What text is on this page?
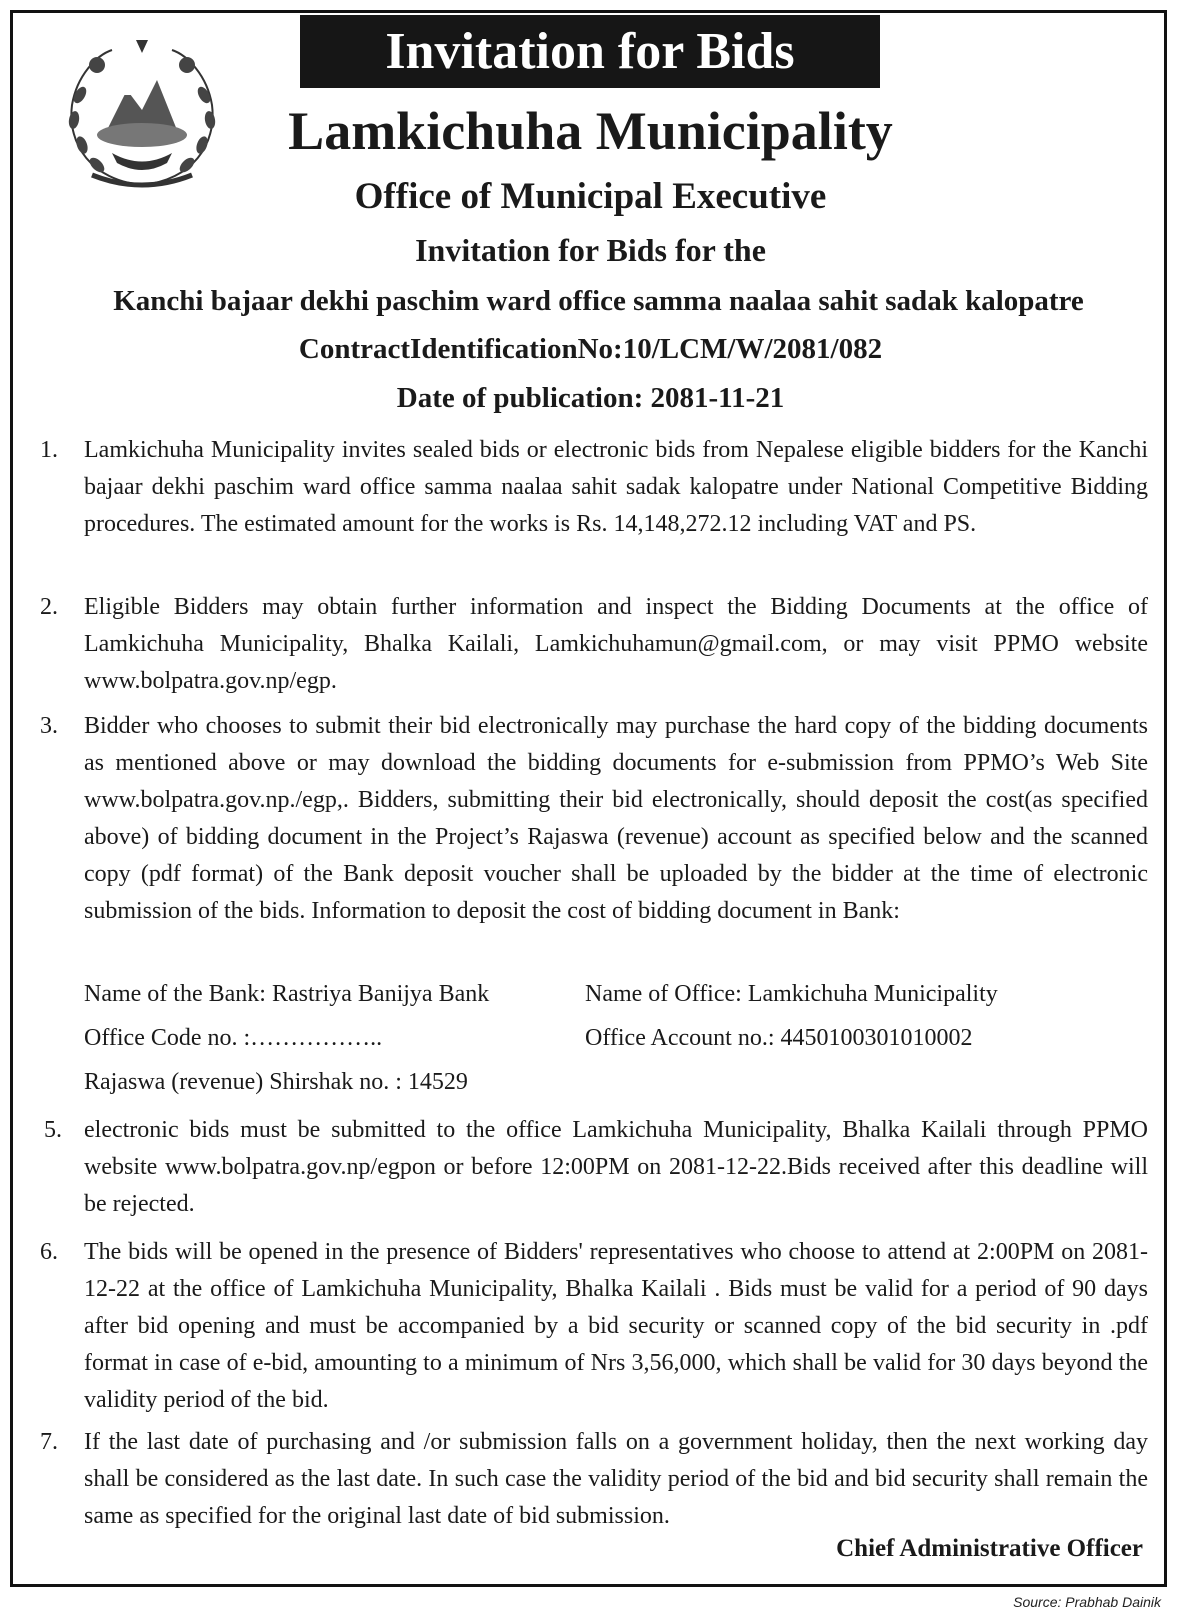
Invitation for Bids
Lamkichuha Municipality
Office of Municipal Executive
Invitation for Bids for the
Kanchi bajaar dekhi paschim ward office samma naalaa sahit sadak kalopatre
ContractIdentificationNo:10/LCM/W/2081/082
Date of publication: 2081-11-21
1. Lamkichuha Municipality invites sealed bids or electronic bids from Nepalese eligible bidders for the Kanchi bajaar dekhi paschim ward office samma naalaa sahit sadak kalopatre under National Competitive Bidding procedures. The estimated amount for the works is Rs. 14,148,272.12 including VAT and PS.
2. Eligible Bidders may obtain further information and inspect the Bidding Documents at the office of Lamkichuha Municipality, Bhalka Kailali, Lamkichuhamun@gmail.com, or may visit PPMO website www.bolpatra.gov.np/egp.
3. Bidder who chooses to submit their bid electronically may purchase the hard copy of the bidding documents as mentioned above or may download the bidding documents for e-submission from PPMO’s Web Site www.bolpatra.gov.np./egp,. Bidders, submitting their bid electronically, should deposit the cost(as specified above) of bidding document in the Project’s Rajaswa (revenue) account as specified below and the scanned copy (pdf format) of the Bank deposit voucher shall be uploaded by the bidder at the time of electronic submission of the bids. Information to deposit the cost of bidding document in Bank:
Name of the Bank: Rastriya Banijya Bank	Name of Office: Lamkichuha Municipality
Office Code no. :……………..	Office Account no.: 4450100301010002
Rajaswa (revenue) Shirshak no. : 14529
5. electronic bids must be submitted to the office Lamkichuha Municipality, Bhalka Kailali through PPMO website www.bolpatra.gov.np/egpon or before 12:00PM on 2081-12-22.Bids received after this deadline will be rejected.
6. The bids will be opened in the presence of Bidders' representatives who choose to attend at 2:00PM on 2081-12-22 at the office of Lamkichuha Municipality, Bhalka Kailali . Bids must be valid for a period of 90 days after bid opening and must be accompanied by a bid security or scanned copy of the bid security in .pdf format in case of e-bid, amounting to a minimum of Nrs 3,56,000, which shall be valid for 30 days beyond the validity period of the bid.
7. If the last date of purchasing and /or submission falls on a government holiday, then the next working day shall be considered as the last date. In such case the validity period of the bid and bid security shall remain the same as specified for the original last date of bid submission.
Chief Administrative Officer
Source: Prabhab Dainik
